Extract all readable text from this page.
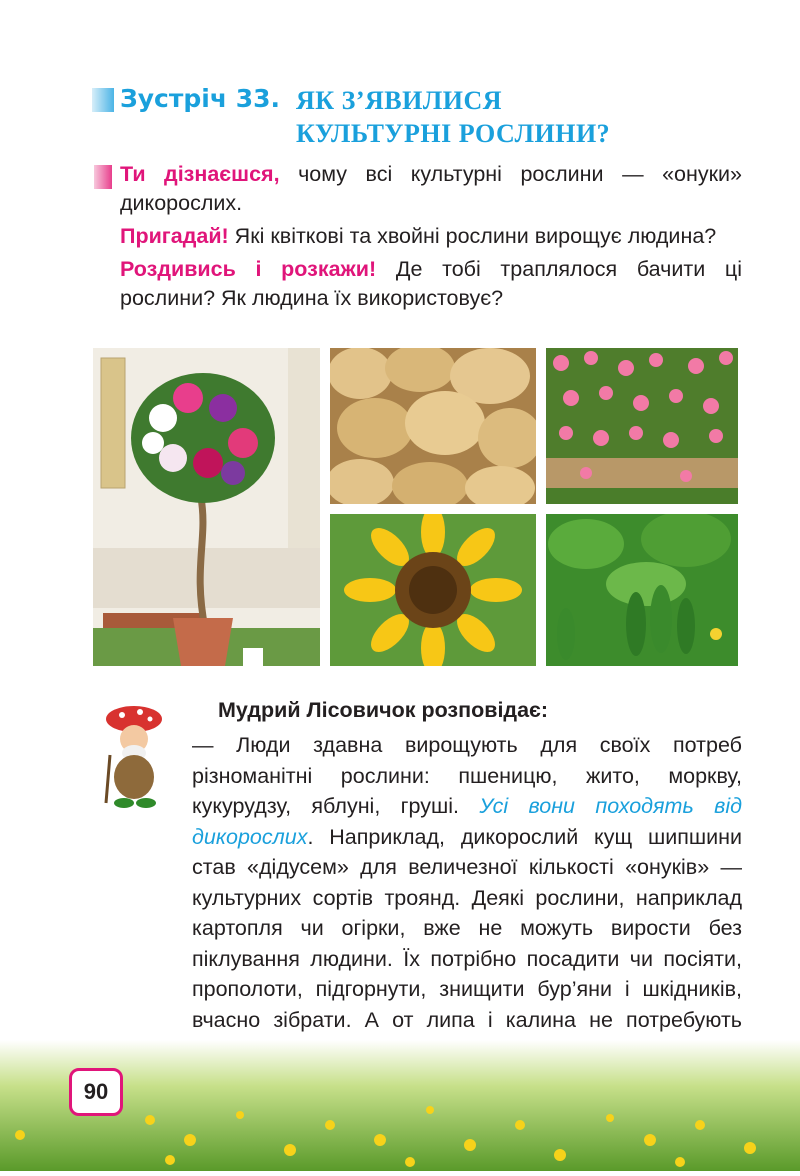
Зустріч 33. ЯК З’ЯВИЛИСЯ
КУЛЬТУРНІ РОСЛИНИ?

Ти дізнаєшся, чому всі культурні рослини — «онуки» дикорослих.

Пригадай! Які квіткові та хвойні рослини вирощує людина?

Роздивись і розкажи! Де тобі траплялося бачити ці рослини? Як людина їх використовує?

Мудрий Лісовичок розповідає:

— Люди здавна вирощують для своїх потреб різноманітні рослини: пшеницю, жито, моркву, кукурудзу, яблуні, груші. Усі вони походять від дикорослих. Наприклад, дикорослий кущ шипшини став «дідусем» для величезної кількості «онуків» — культурних сортів троянд. Деякі рослини, наприклад картопля чи огірки, вже не можуть вирости без піклування людини. Їх потрібно посадити чи посіяти, прополоти, підгорнути, знищити бур’яни і шкідників, вчасно зібрати. А от липа і калина не потребують

90
